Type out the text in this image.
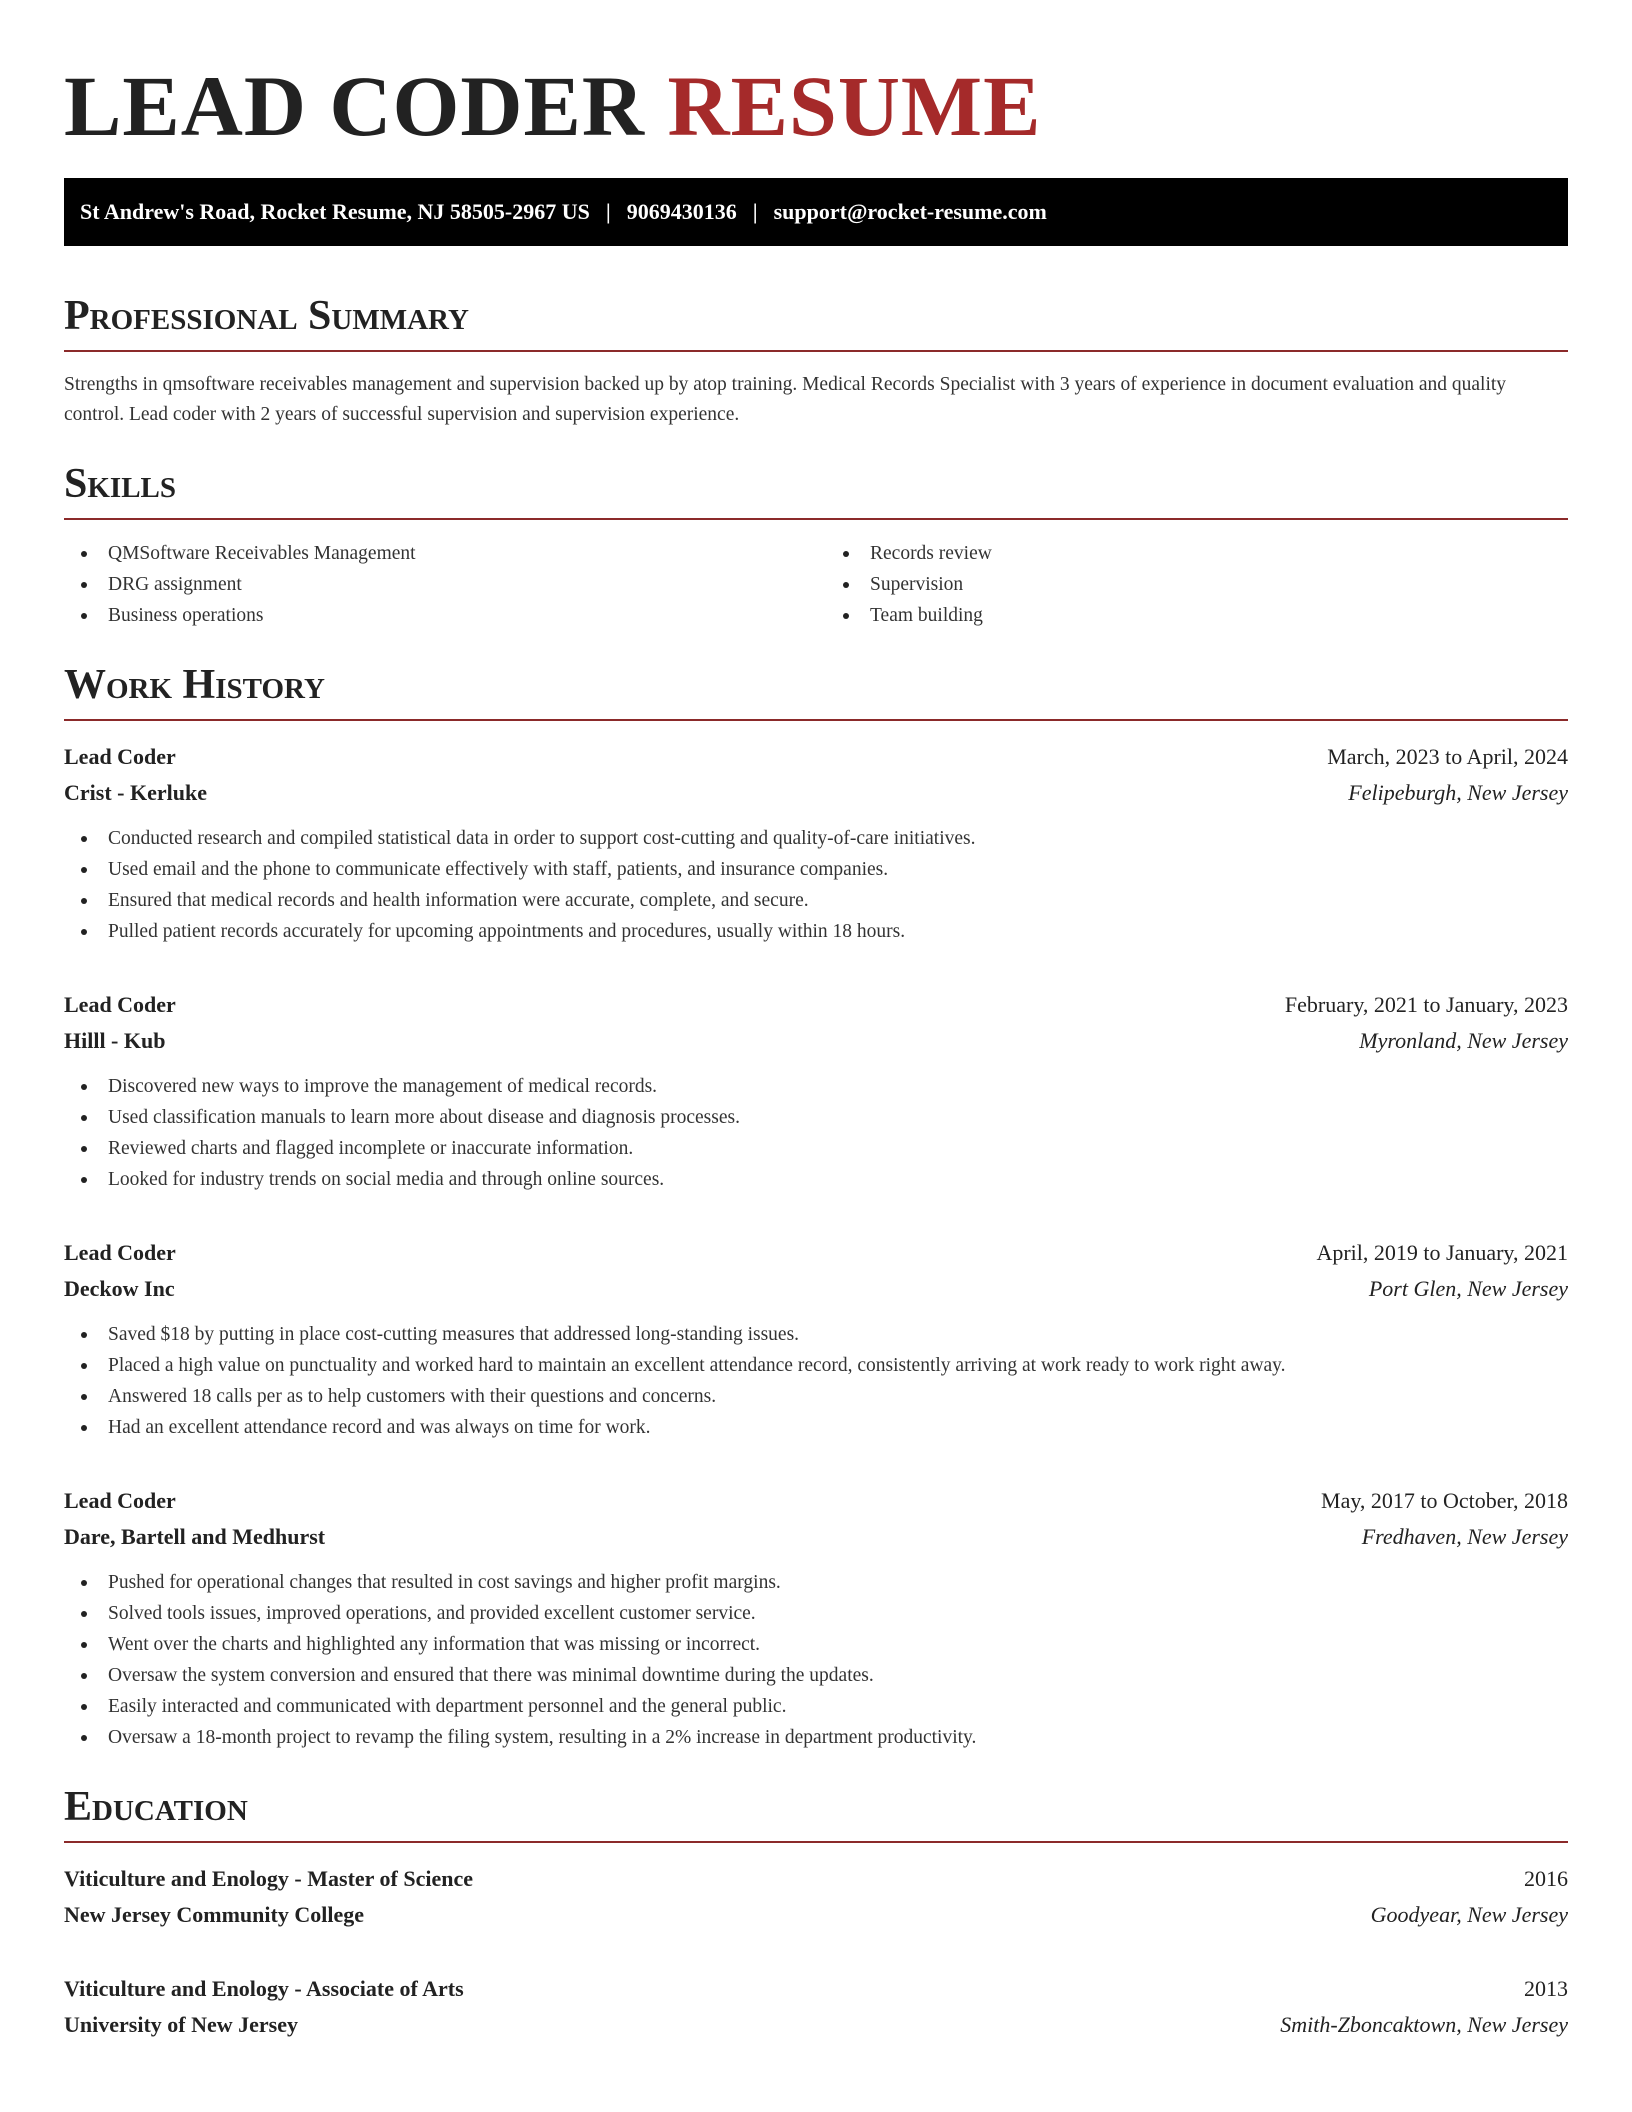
LEAD CODER RESUME
St Andrew's Road, Rocket Resume, NJ 58505-2967 US | 9069430136 | support@rocket-resume.com
Professional Summary

Strengths in qmsoftware receivables management and supervision backed up by atop training. Medical Records Specialist with 3 years of experience in document evaluation and quality control. Lead coder with 2 years of successful supervision and supervision experience.

Skills
QMSoftware Receivables Management
DRG assignment
Business operations
Records review
Supervision
Team building
Work History
Lead Coder	March, 2023 to April, 2024
Crist - Kerluke	Felipeburgh, New Jersey
Conducted research and compiled statistical data in order to support cost-cutting and quality-of-care initiatives.
Used email and the phone to communicate effectively with staff, patients, and insurance companies.
Ensured that medical records and health information were accurate, complete, and secure.
Pulled patient records accurately for upcoming appointments and procedures, usually within 18 hours.
Lead Coder	February, 2021 to January, 2023
Hilll - Kub	Myronland, New Jersey
Discovered new ways to improve the management of medical records.
Used classification manuals to learn more about disease and diagnosis processes.
Reviewed charts and flagged incomplete or inaccurate information.
Looked for industry trends on social media and through online sources.
Lead Coder	April, 2019 to January, 2021
Deckow Inc	Port Glen, New Jersey
Saved $18 by putting in place cost-cutting measures that addressed long-standing issues.
Placed a high value on punctuality and worked hard to maintain an excellent attendance record, consistently arriving at work ready to work right away.
Answered 18 calls per as to help customers with their questions and concerns.
Had an excellent attendance record and was always on time for work.
Lead Coder	May, 2017 to October, 2018
Dare, Bartell and Medhurst	Fredhaven, New Jersey
Pushed for operational changes that resulted in cost savings and higher profit margins.
Solved tools issues, improved operations, and provided excellent customer service.
Went over the charts and highlighted any information that was missing or incorrect.
Oversaw the system conversion and ensured that there was minimal downtime during the updates.
Easily interacted and communicated with department personnel and the general public.
Oversaw a 18-month project to revamp the filing system, resulting in a 2% increase in department productivity.
Education
Viticulture and Enology - Master of Science	2016
New Jersey Community College	Goodyear, New Jersey
Viticulture and Enology - Associate of Arts	2013
University of New Jersey	Smith-Zboncaktown, New Jersey
